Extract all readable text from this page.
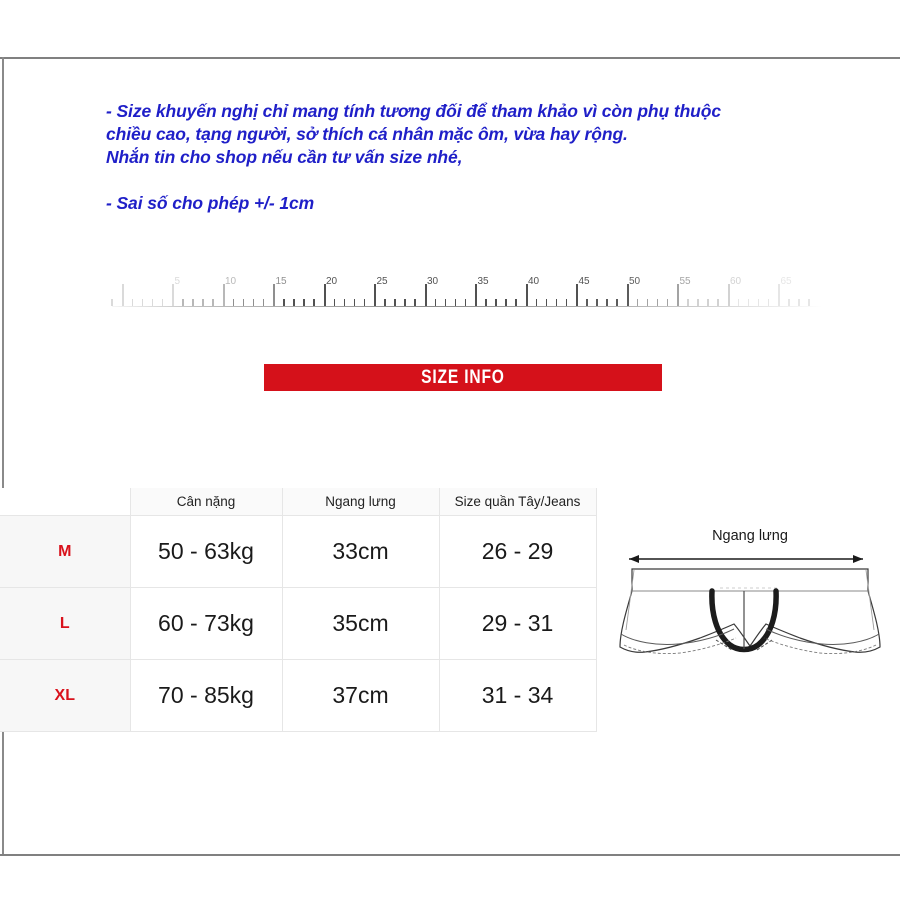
- Size khuyến nghị chỉ mang tính tương đối để tham khảo vì còn phụ thuộc
chiều cao, tạng người, sở thích cá nhân mặc ôm, vừa hay rộng.
Nhắn tin cho shop nếu cần tư vấn size nhé,
- Sai số cho phép +/- 1cm
5	10	15	20	25	30	35	40	45	50	55	60	65
SIZE INFO
	Cân nặng	Ngang lưng	Size quần Tây/Jeans
M	50 - 63kg	33cm	26 - 29
L	60 - 73kg	35cm	29 - 31
XL	70 - 85kg	37cm	31 - 34
Ngang lưng
